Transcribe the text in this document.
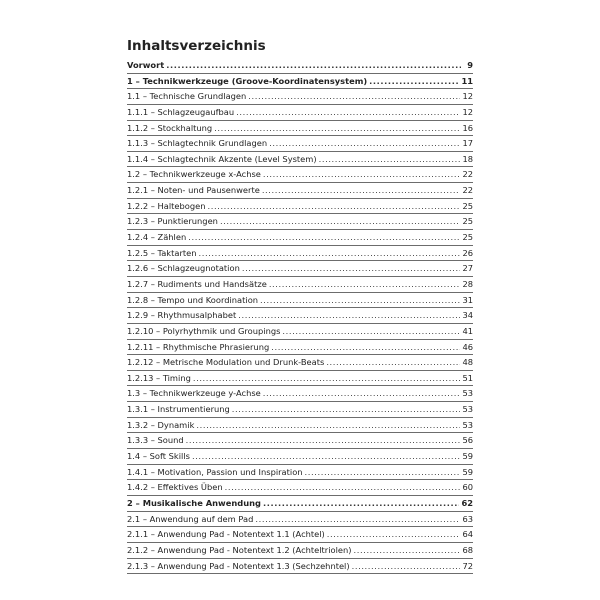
Inhaltsverzeichnis
Vorwort .....	9
1 – Technikwerkzeuge (Groove-Koordinatensystem) .....	11
1.1 – Technische Grundlagen .....	12
1.1.1 – Schlagzeugaufbau .....	12
1.1.2 – Stockhaltung .....	16
1.1.3 – Schlagtechnik Grundlagen .....	17
1.1.4 – Schlagtechnik Akzente (Level System) .....	18
1.2 – Technikwerkzeuge x-Achse .....	22
1.2.1 – Noten- und Pausenwerte .....	22
1.2.2 – Haltebogen .....	25
1.2.3 – Punktierungen .....	25
1.2.4 – Zählen .....	25
1.2.5 – Taktarten .....	26
1.2.6 – Schlagzeugnotation .....	27
1.2.7 – Rudiments und Handsätze .....	28
1.2.8 – Tempo und Koordination .....	31
1.2.9 – Rhythmusalphabet .....	34
1.2.10 – Polyrhythmik und Groupings .....	41
1.2.11 – Rhythmische Phrasierung .....	46
1.2.12 – Metrische Modulation und Drunk-Beats .....	48
1.2.13 – Timing .....	51
1.3 – Technikwerkzeuge y-Achse .....	53
1.3.1 – Instrumentierung .....	53
1.3.2 – Dynamik .....	53
1.3.3 – Sound .....	56
1.4 – Soft Skills .....	59
1.4.1 – Motivation, Passion und Inspiration .....	59
1.4.2 – Effektives Üben .....	60
2 – Musikalische Anwendung .....	62
2.1 – Anwendung auf dem Pad .....	63
2.1.1 – Anwendung Pad - Notentext 1.1 (Achtel) .....	64
2.1.2 – Anwendung Pad - Notentext 1.2 (Achteltriolen) .....	68
2.1.3 – Anwendung Pad - Notentext 1.3 (Sechzehntel) .....	72
